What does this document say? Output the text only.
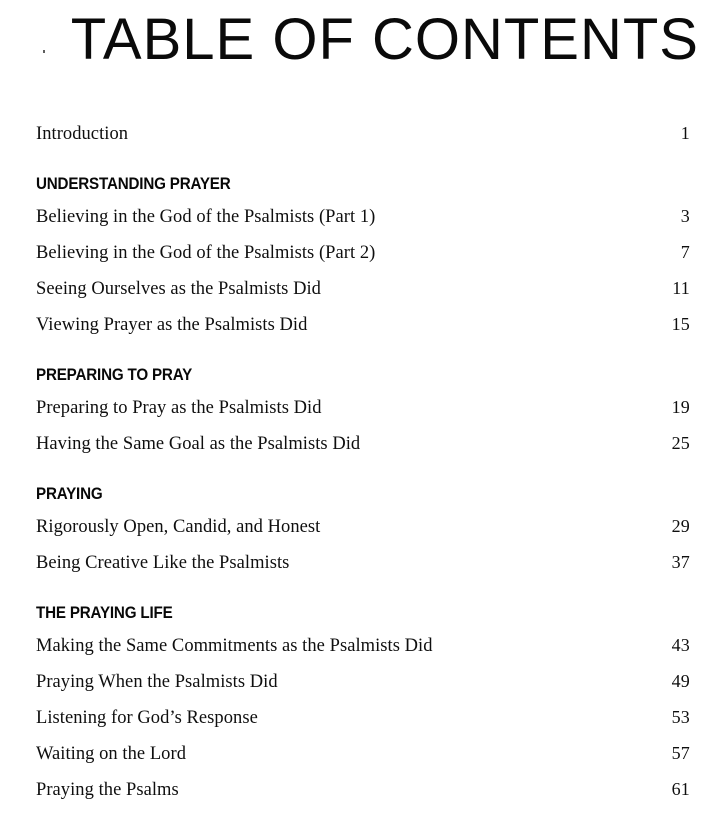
TABLE OF CONTENTS
Introduction	1
UNDERSTANDING PRAYER
Believing in the God of the Psalmists (Part 1)	3
Believing in the God of the Psalmists (Part 2)	7
Seeing Ourselves as the Psalmists Did	11
Viewing Prayer as the Psalmists Did	15
PREPARING TO PRAY
Preparing to Pray as the Psalmists Did	19
Having the Same Goal as the Psalmists Did	25
PRAYING
Rigorously Open, Candid, and Honest	29
Being Creative Like the Psalmists	37
THE PRAYING LIFE
Making the Same Commitments as the Psalmists Did	43
Praying When the Psalmists Did	49
Listening for God’s Response	53
Waiting on the Lord	57
Praying the Psalms	61
